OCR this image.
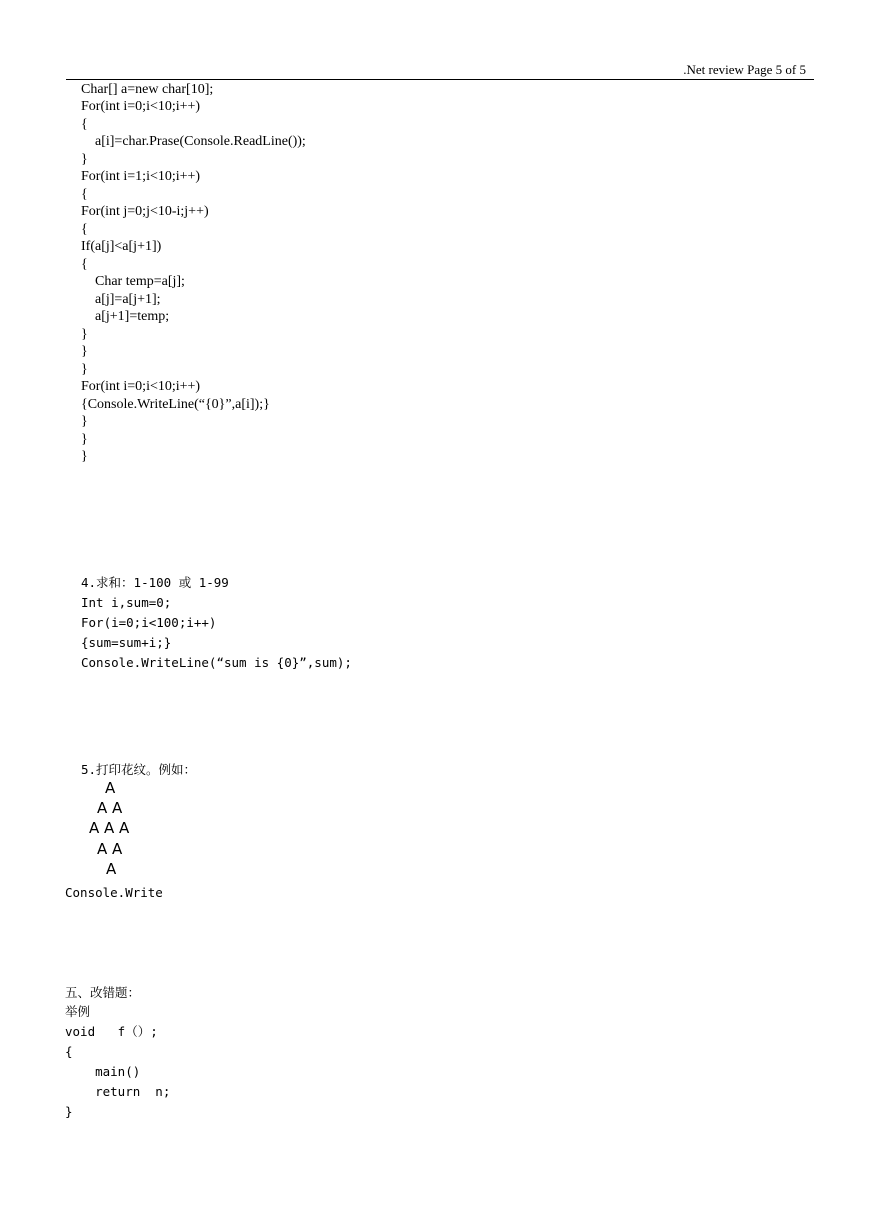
.Net review Page 5 of 5
Char[] a=new char[10];
For(int i=0;i<10;i++)
{
a[i]=char.Prase(Console.ReadLine());
}
For(int i=1;i<10;i++)
{
For(int j=0;j<10-i;j++)
{
If(a[j]<a[j+1])
{
Char temp=a[j];
a[j]=a[j+1];
a[j+1]=temp;
}
}
}
For(int i=0;i<10;i++)
{Console.WriteLine(“{0}”,a[i]);}
}
}
}
4.求和：1-100 或 1-99
Int i,sum=0;
For(i=0;i<100;i++)
{sum=sum+i;}
Console.WriteLine(“sum is {0}”,sum);
5.打印花纹。例如：
A
A A
A A A
A A
A
Console.Write
五、改错题：
举例
void   f（）;
{
main()
return  n;
}
